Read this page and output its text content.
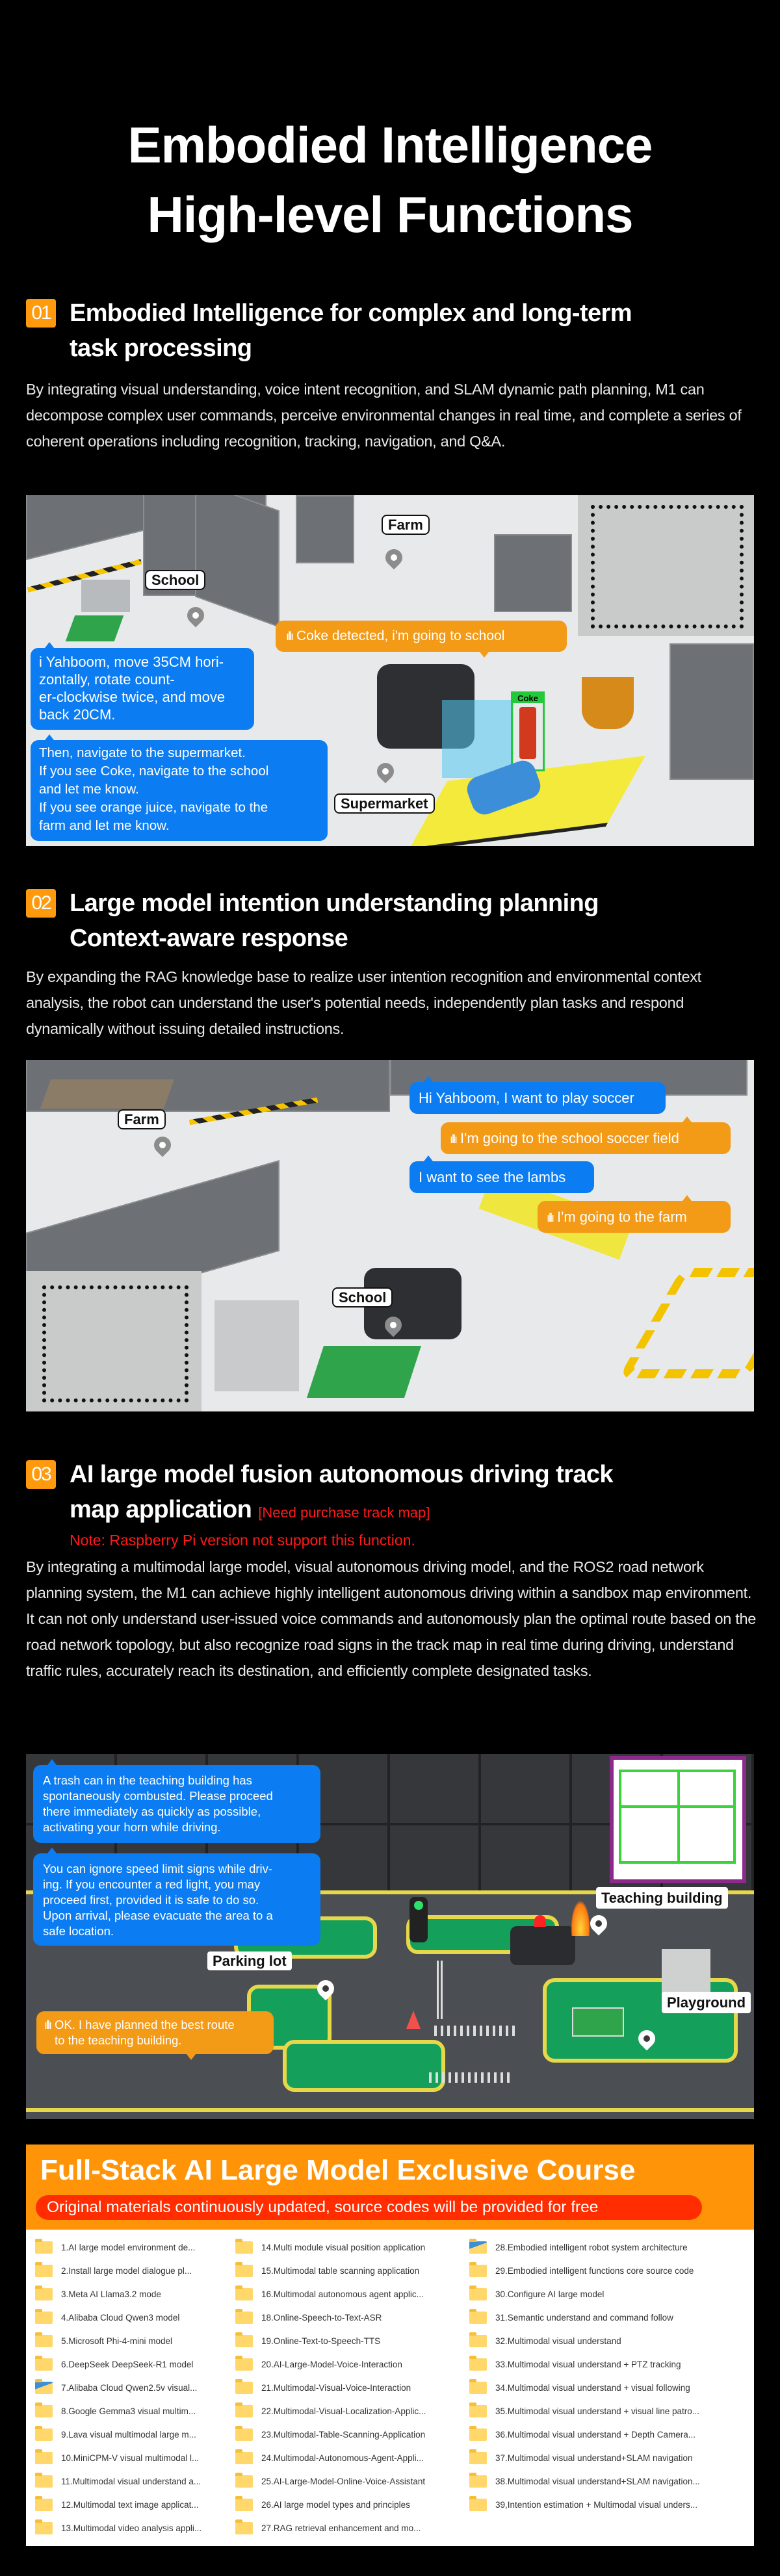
Embodied Intelligence
High-level Functions
01 Embodied Intelligence for complex and long-term
task processing
By integrating visual understanding, voice intent recognition, and SLAM dynamic path planning, M1 can decompose complex user commands, perceive environmental changes in real time, and complete a series of coherent operations including recognition, tracking, navigation, and Q&A.
School
Farm
Coke
ıllı Coke detected, i'm going to school
i Yahboom, move 35CM hori-
zontally, rotate count-
er-clockwise twice, and move
back 20CM.
Then, navigate to the supermarket.
If you see Coke, navigate to the school
and let me know.
If you see orange juice, navigate to the
farm and let me know.
Supermarket
02 Large model intention understanding planning
Context-aware response
By expanding the RAG knowledge base to realize user intention recognition and environmental context analysis, the robot can understand the user's potential needs, independently plan tasks and respond dynamically without issuing detailed instructions.
Farm
School
Hi Yahboom, I want to play soccer
ıllı I'm going to the school soccer field
I want to see the lambs
ıllı I'm going to the farm
03 AI large model fusion autonomous driving track
map application [Need purchase track map]
Note: Raspberry Pi version not support this function.
By integrating a multimodal large model, visual autonomous driving model, and the ROS2 road network planning system, the M1 can achieve highly intelligent autonomous driving within a sandbox map environment. It can not only understand user-issued voice commands and autonomously plan the optimal route based on the road network topology, but also recognize road signs in the track map in real time during driving, understand traffic rules, accurately reach its destination, and efficiently complete designated tasks.
Parking lot
Teaching building
Playground
A trash can in the teaching building has
spontaneously combusted. Please proceed
there immediately as quickly as possible,
activating your horn while driving.
You can ignore speed limit signs while driv-
ing. If you encounter a red light, you may
proceed first, provided it is safe to do so.
Upon arrival, please evacuate the area to a
safe location.
ıllı OK. I have planned the best route
to the teaching building.
Full-Stack AI Large Model Exclusive Course
Original materials continuously updated, source codes will be provided for free
1.AI large model environment de...
2.Install large model dialogue pl...
3.Meta AI Llama3.2 mode
4.Alibaba Cloud Qwen3 model
5.Microsoft Phi-4-mini model
6.DeepSeek DeepSeek-R1 model
7.Alibaba Cloud Qwen2.5v visual...
8.Google Gemma3 visual multim...
9.Lava visual multimodal large m...
10.MiniCPM-V visual multimodal l...
11.Multimodal visual understand a...
12.Multimodal text image applicat...
13.Multimodal video analysis appli...
14.Multi module visual position application
15.Multimodal table scanning application
16.Multimodal autonomous agent applic...
18.Online-Speech-to-Text-ASR
19.Online-Text-to-Speech-TTS
20.AI-Large-Model-Voice-Interaction
21.Multimodal-Visual-Voice-Interaction
22.Multimodal-Visual-Localization-Applic...
23.Multimodal-Table-Scanning-Application
24.Multimodal-Autonomous-Agent-Appli...
25.AI-Large-Model-Online-Voice-Assistant
26.AI large model types and principles
27.RAG retrieval enhancement and mo...
28.Embodied intelligent robot system architecture
29.Embodied intelligent functions core source code
30.Configure AI large model
31.Semantic understand and command follow
32.Multimodal visual understand
33.Multimodal visual understand + PTZ tracking
34.Multimodal visual understand + visual following
35.Multimodal visual understand + visual line patro...
36.Multimodal visual understand + Depth Camera...
37.Multimodal visual understand+SLAM navigation
38.Multimodal visual understand+SLAM navigation...
39,Intention estimation + Multimodal visual unders...
